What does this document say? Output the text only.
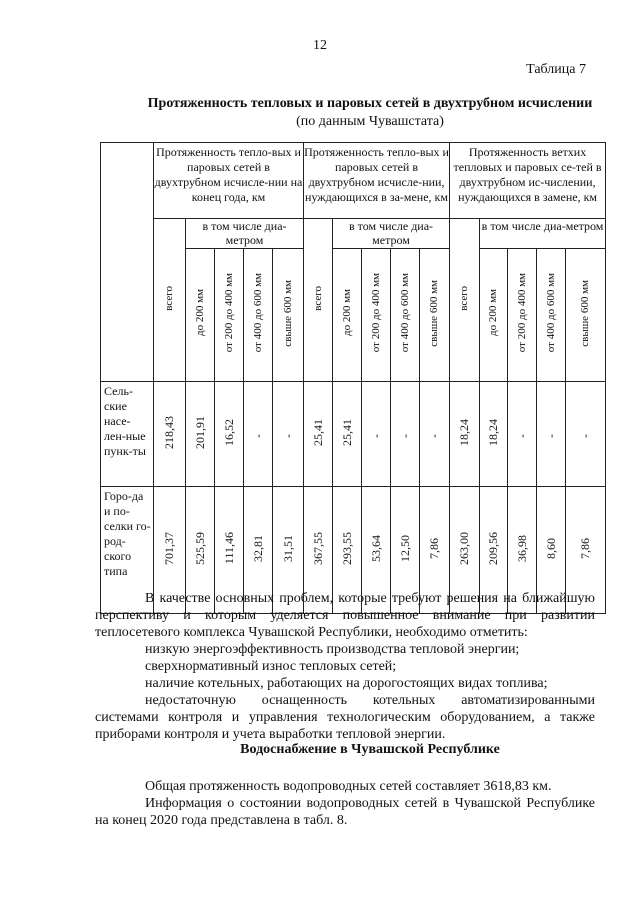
12
Таблица 7
Протяженность тепловых и паровых сетей в двухтрубном исчислении
(по данным Чувашстата)
	Протяженность тепло-вых и паровых сетей в двухтрубном исчисле-нии на конец года, км					Протяженность тепло-вых и паровых сетей в двухтрубном исчисле-нии, нуждающихся в за-мене, км					Протяженность ветхих тепловых и паровых се-тей в двухтрубном ис-числении, нуждающихся в замене, км				
	всего	в том числе диа-метром				всего	в том числе диа-метром				всего	в том числе диа-метром			
		до 200 мм	от 200 до 400 мм	от 400 до 600 мм	свыше 600 мм		до 200 мм	от 200 до 400 мм	от 400 до 600 мм	свыше 600 мм		до 200 мм	от 200 до 400 мм	от 400 до 600 мм	свыше 600 мм
Сель-ские насе-лен-ные пунк-ты	218,43	201,91	16,52	-	-	25,41	25,41	-	-	-	18,24	18,24	-	-	-
Горо-да и по-селки го-род-ского типа	701,37	525,59	111,46	32,81	31,51	367,55	293,55	53,64	12,50	7,86	263,00	209,56	36,98	8,60	7,86

В качестве основных проблем, которые требуют решения на ближайшую перспективу и которым уделяется повышенное внимание при развитии теплосетевого комплекса Чувашской Республики, необходимо отметить:

низкую энергоэффективность производства тепловой энергии;

сверхнормативный износ тепловых сетей;

наличие котельных, работающих на дорогостоящих видах топлива;

недостаточную оснащенность котельных автоматизированными системами контроля и управления технологическим оборудованием, а также приборами контроля и учета выработки тепловой энергии.

Водоснабжение в Чувашской Республике

Общая протяженность водопроводных сетей составляет 3618,83 км.

Информация о состоянии водопроводных сетей в Чувашской Республике на конец 2020 года представлена в табл. 8.
